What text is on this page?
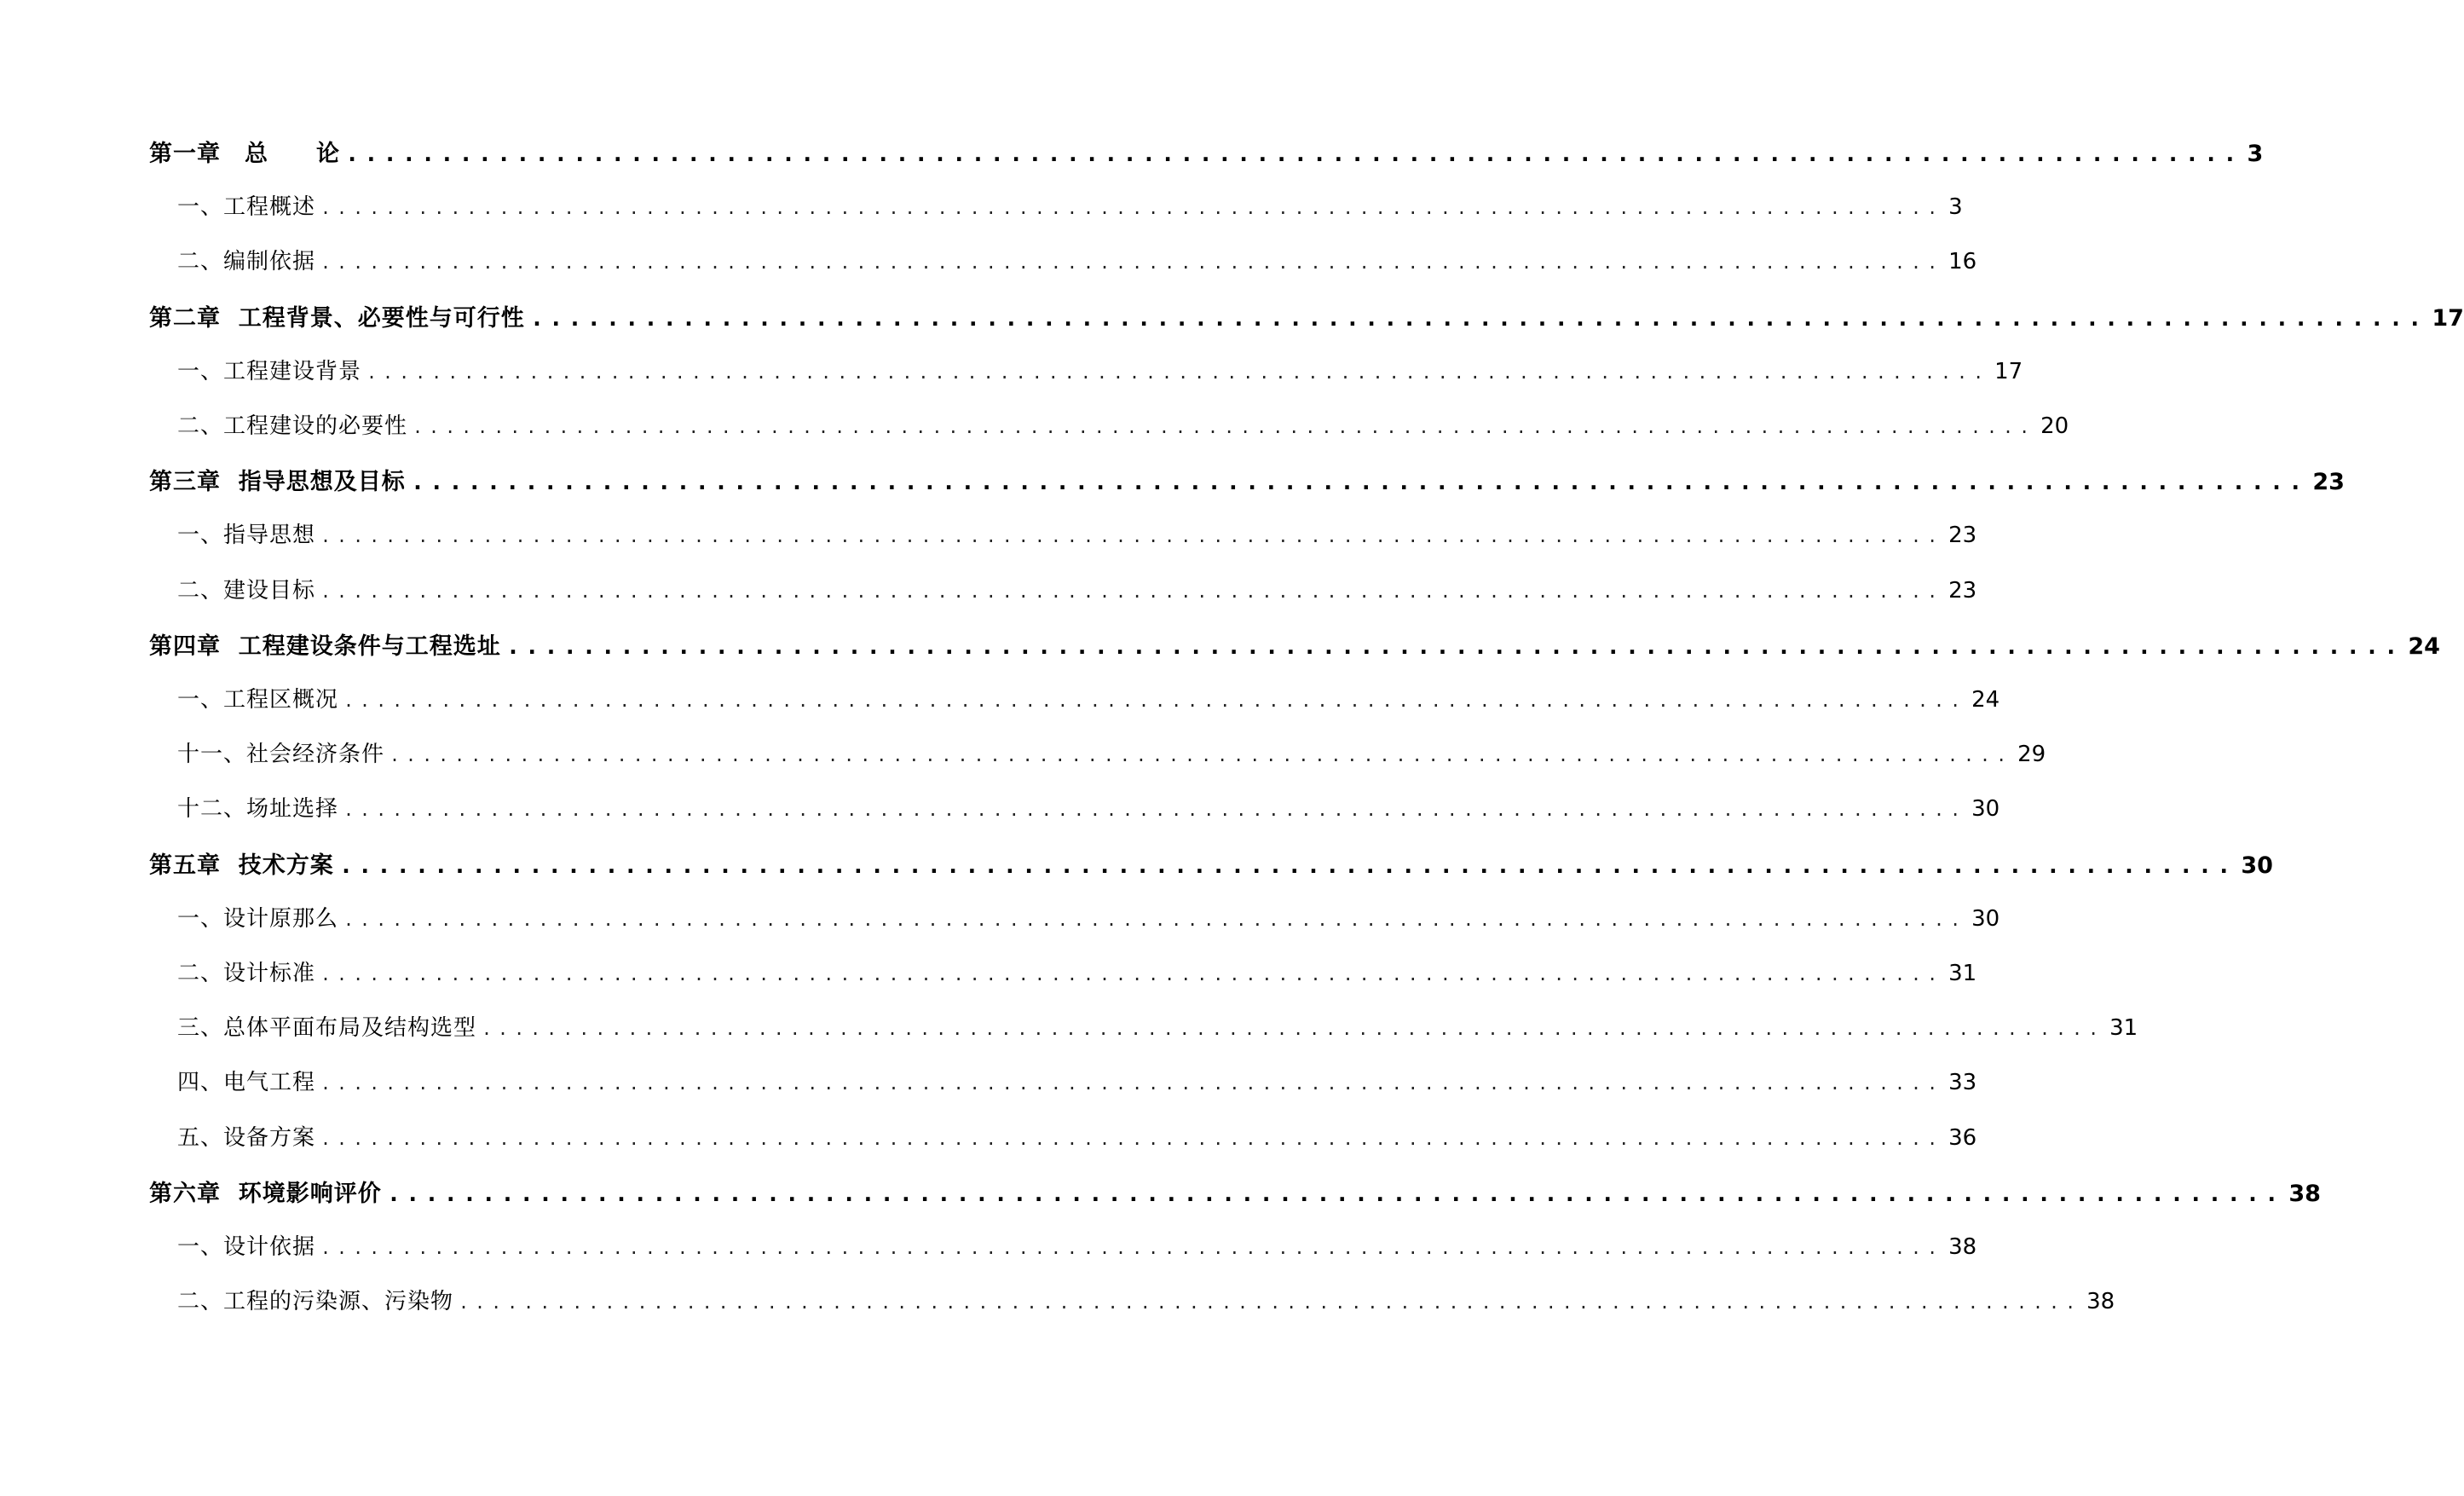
第一章　总　　论 .................................................................................................... 3
一、工程概述 .................................................................................................... 3
二、编制依据 .................................................................................................... 16
第二章  工程背景、必要性与可行性 .................................................................................................... 17
一、工程建设背景 .................................................................................................... 17
二、工程建设的必要性 .................................................................................................... 20
第三章  指导思想及目标 .................................................................................................... 23
一、指导思想 .................................................................................................... 23
二、建设目标 .................................................................................................... 23
第四章  工程建设条件与工程选址 .................................................................................................... 24
一、工程区概况 .................................................................................................... 24
十一、社会经济条件 .................................................................................................... 29
十二、场址选择 .................................................................................................... 30
第五章  技术方案 .................................................................................................... 30
一、设计原那么 .................................................................................................... 30
二、设计标准 .................................................................................................... 31
三、总体平面布局及结构选型 .................................................................................................... 31
四、电气工程 .................................................................................................... 33
五、设备方案 .................................................................................................... 36
第六章  环境影响评价 .................................................................................................... 38
一、设计依据 .................................................................................................... 38
二、工程的污染源、污染物 .................................................................................................... 38
